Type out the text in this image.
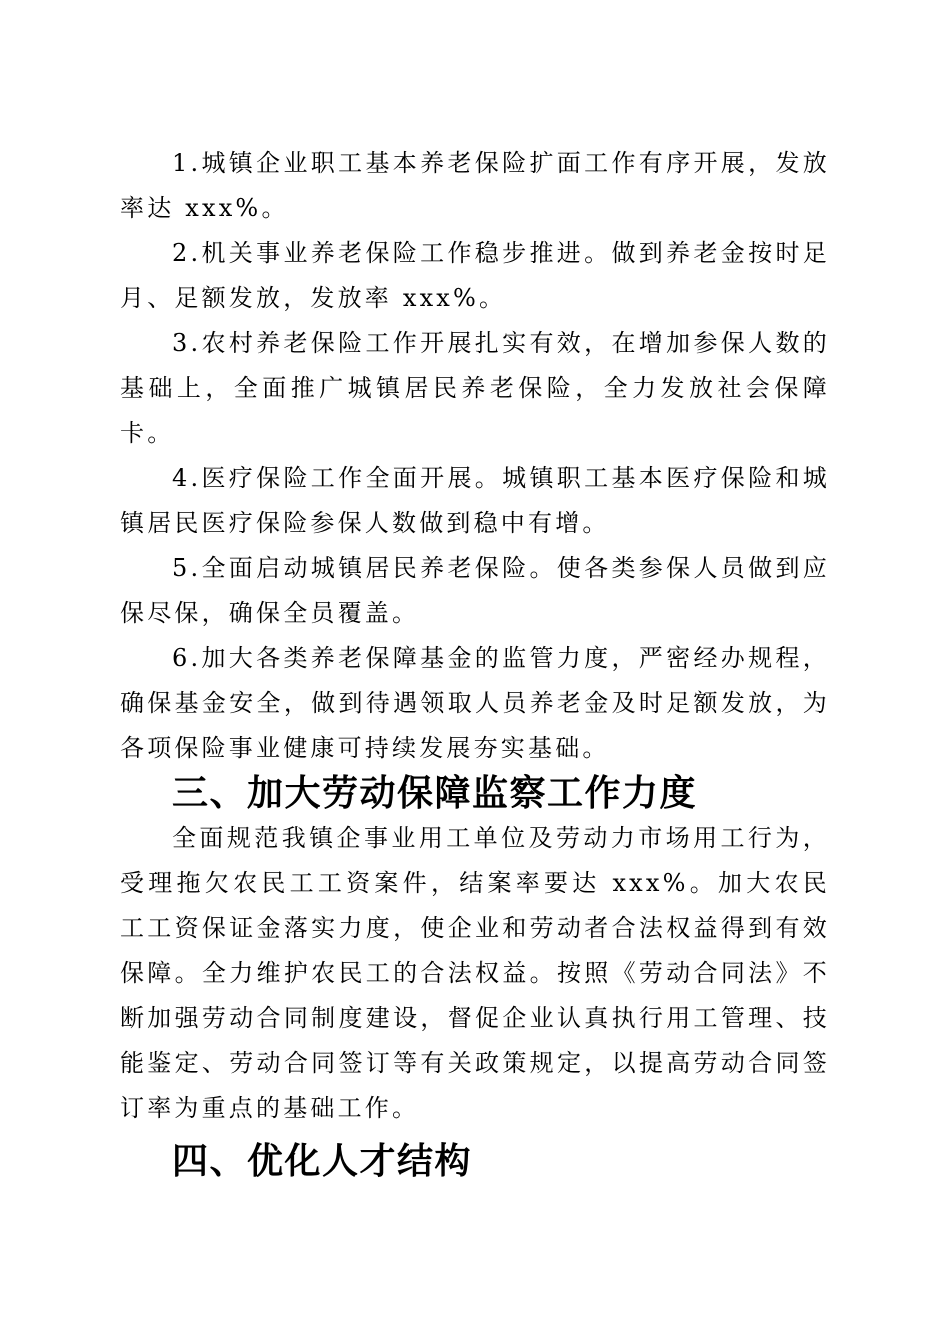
1.城镇企业职工基本养老保险扩面工作有序开展，发放率达 xxx%。

2.机关事业养老保险工作稳步推进。做到养老金按时足月、足额发放，发放率 xxx%。

3.农村养老保险工作开展扎实有效，在增加参保人数的基础上，全面推广城镇居民养老保险，全力发放社会保障卡。

4.医疗保险工作全面开展。城镇职工基本医疗保险和城镇居民医疗保险参保人数做到稳中有增。

5.全面启动城镇居民养老保险。使各类参保人员做到应保尽保，确保全员覆盖。

6.加大各类养老保障基金的监管力度，严密经办规程，确保基金安全，做到待遇领取人员养老金及时足额发放，为各项保险事业健康可持续发展夯实基础。

三、加大劳动保障监察工作力度

全面规范我镇企事业用工单位及劳动力市场用工行为，受理拖欠农民工工资案件，结案率要达 xxx%。加大农民工工资保证金落实力度，使企业和劳动者合法权益得到有效保障。全力维护农民工的合法权益。按照《劳动合同法》不断加强劳动合同制度建设，督促企业认真执行用工管理、技能鉴定、劳动合同签订等有关政策规定，以提高劳动合同签订率为重点的基础工作。

四、优化人才结构
